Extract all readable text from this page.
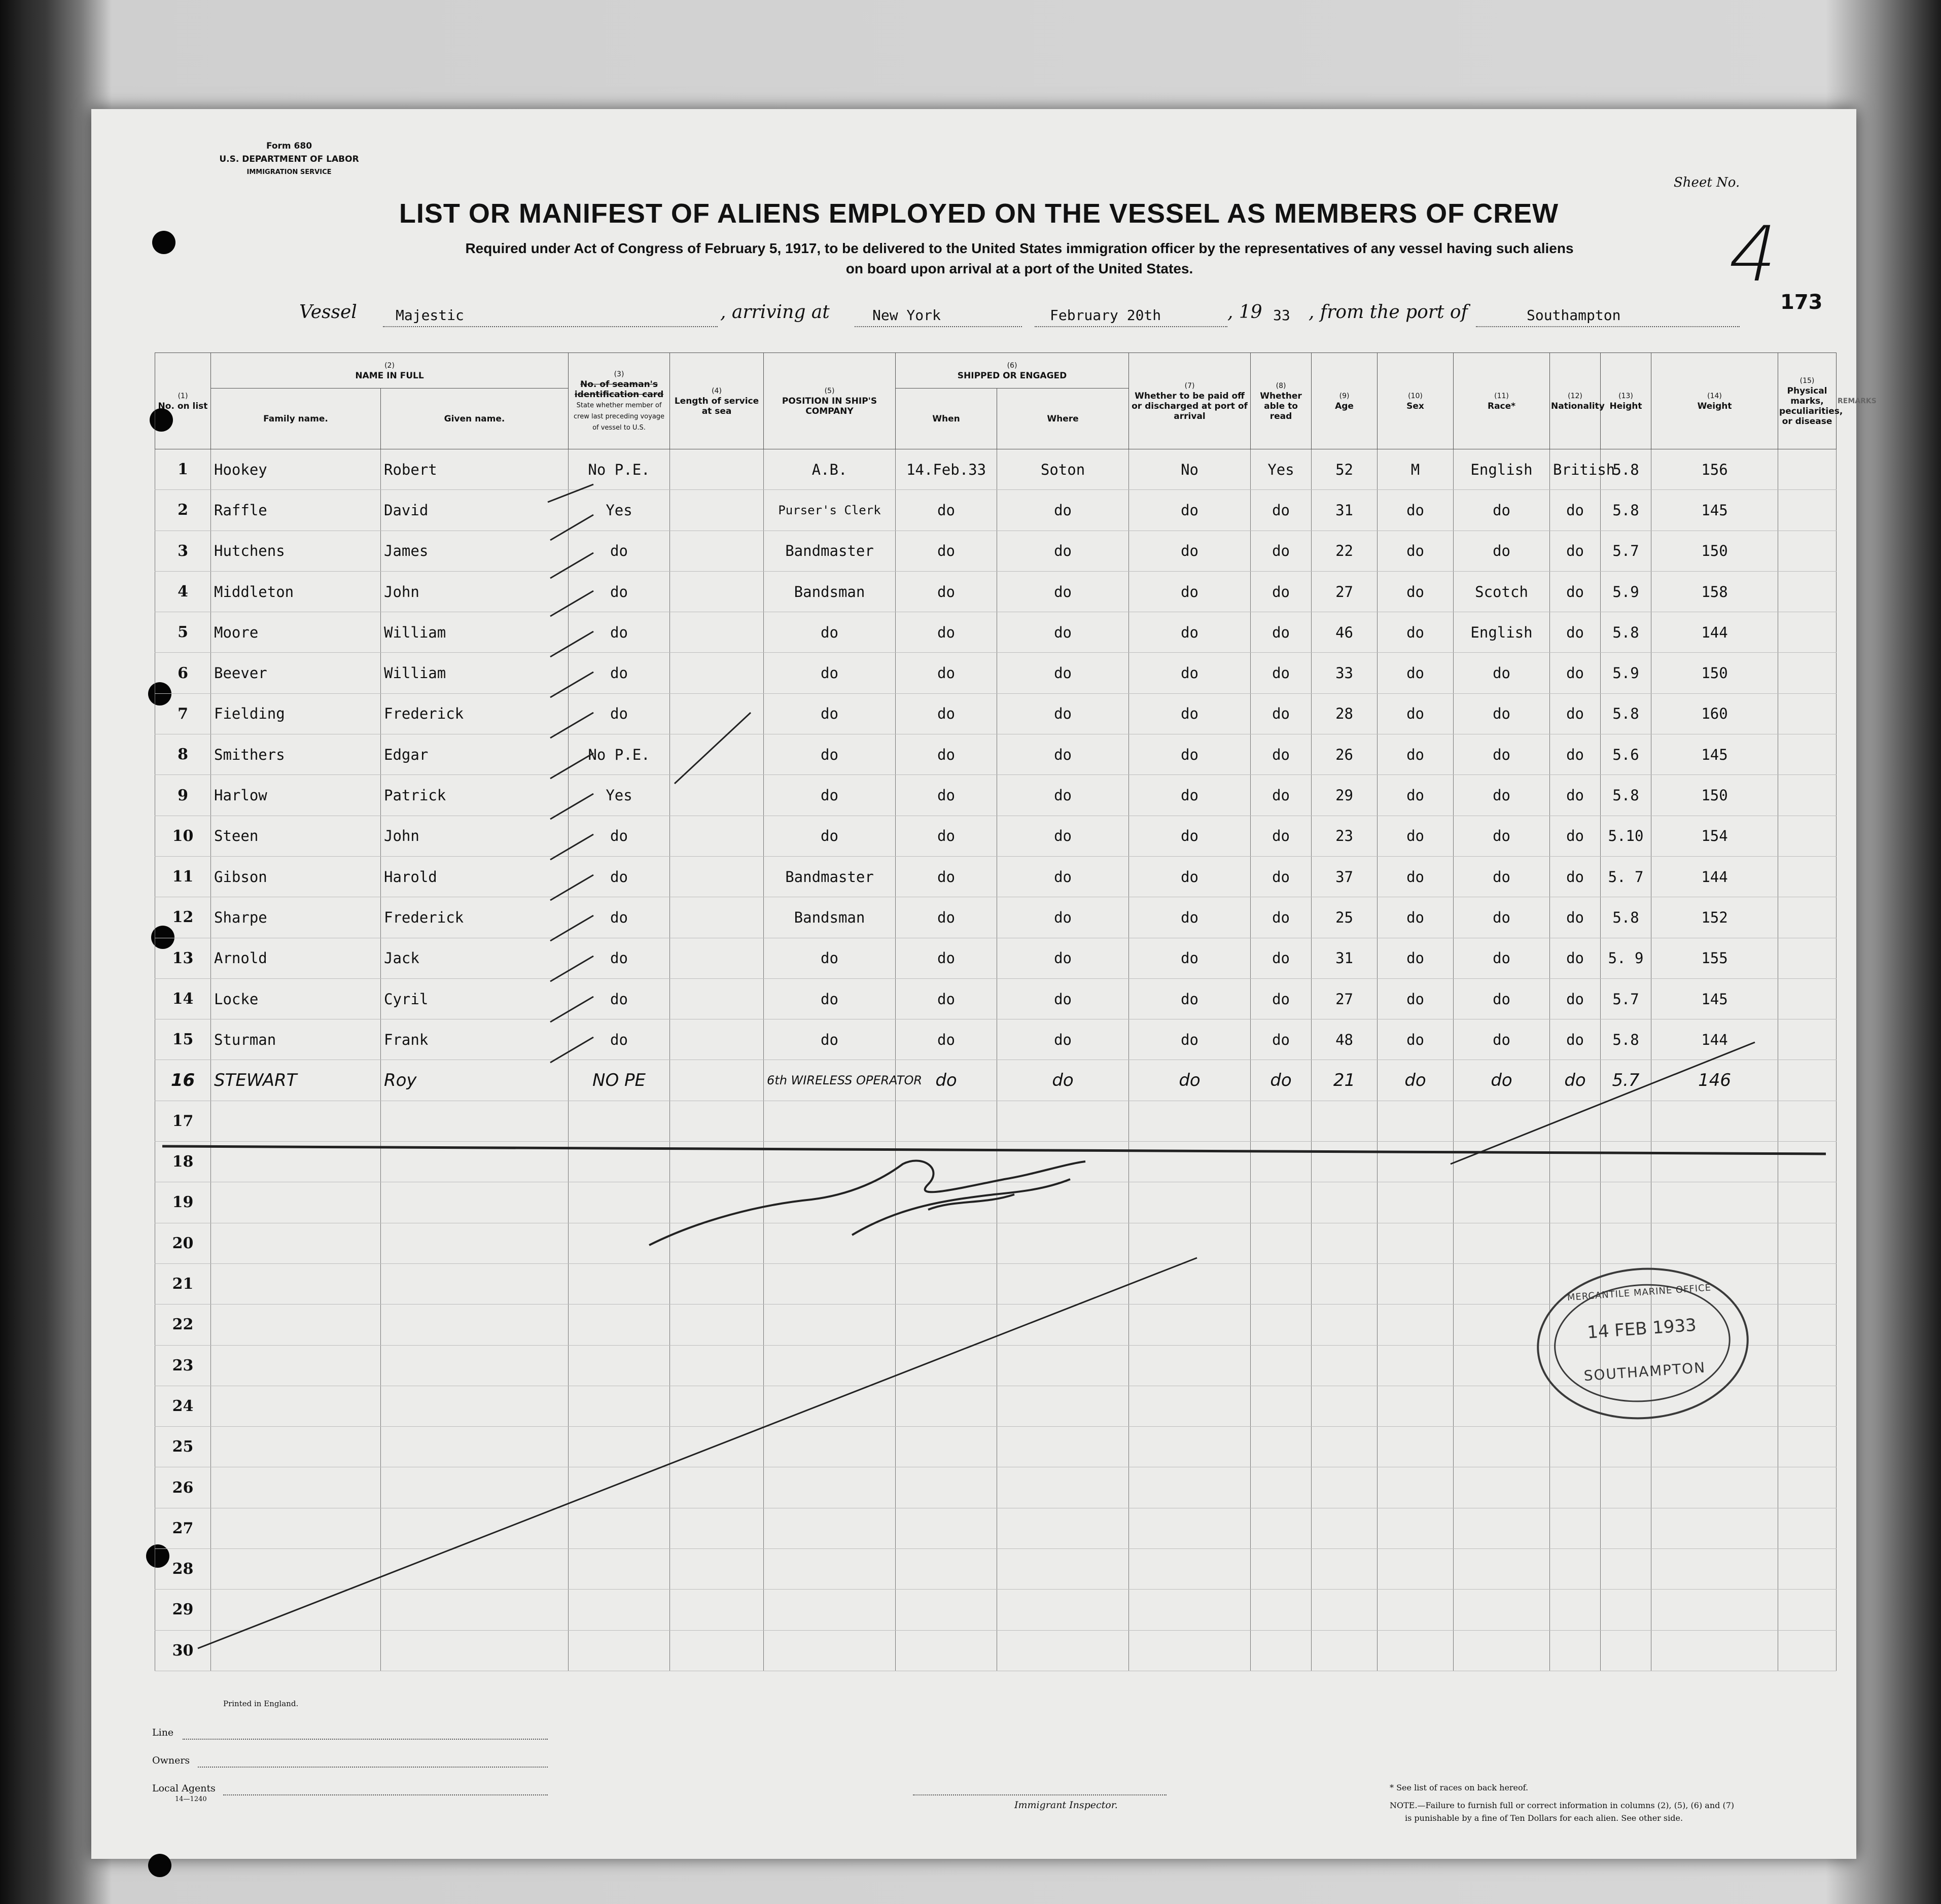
Form 680
U.S. DEPARTMENT OF LABOR
IMMIGRATION SERVICE
LIST OR MANIFEST OF ALIENS EMPLOYED ON THE VESSEL AS MEMBERS OF CREW
Required under Act of Congress of February 5, 1917, to be delivered to the United States immigration officer by the representatives of any vessel having such aliens
on board upon arrival at a port of the United States.
Sheet No.
4
173
Vessel	Majestic	, arriving at	New York	February 20th	, 19 33 , from the port of	Southampton
(1)
No. on list	(2)
NAME IN FULL		(3)
No. of seaman's identification card
State whether member of crew last preceding voyage of vessel to U.S.	(4)
Length of service at sea	(5)
POSITION IN SHIP'S COMPANY	(6)
SHIPPED OR ENGAGED		(7)
Whether to be paid off or discharged at port of arrival	(8)
Whether able to read	(9)
Age	(10)
Sex	(11)
Race*	(12)
Nationality	(13)
Height	(14)
Weight	(15)
Physical marks, peculiarities, or disease	REMARKS
	Family name.	Given name.				When	Where										

1	Hookey	Robert	No P.E.		A.B.	14.Feb.33	Soton	No	Yes	52	M	English	British	5.8	156		
2	Raffle	David	Yes		Purser's Clerk	do	do	do	do	31	do	do	do	5.8	145		
3	Hutchens	James	do		Bandmaster	do	do	do	do	22	do	do	do	5.7	150		
4	Middleton	John	do		Bandsman	do	do	do	do	27	do	Scotch	do	5.9	158		
5	Moore	William	do		do	do	do	do	do	46	do	English	do	5.8	144		
6	Beever	William	do		do	do	do	do	do	33	do	do	do	5.9	150		
7	Fielding	Frederick	do		do	do	do	do	do	28	do	do	do	5.8	160		
8	Smithers	Edgar	No P.E.		do	do	do	do	do	26	do	do	do	5.6	145		
9	Harlow	Patrick	Yes		do	do	do	do	do	29	do	do	do	5.8	150		
10	Steen	John	do		do	do	do	do	do	23	do	do	do	5.10	154		
11	Gibson	Harold	do		Bandmaster	do	do	do	do	37	do	do	do	5. 7	144		
12	Sharpe	Frederick	do		Bandsman	do	do	do	do	25	do	do	do	5.8	152		
13	Arnold	Jack	do		do	do	do	do	do	31	do	do	do	5. 9	155		
14	Locke	Cyril	do		do	do	do	do	do	27	do	do	do	5.7	145		
15	Sturman	Frank	do		do	do	do	do	do	48	do	do	do	5.8	144		
16	STEWART	Roy	NO PE		6th WIRELESS OPERATOR	do	do	do	do	21	do	do	do	5.7	146		
17																	
18																	
19																	
20																	
21																	
22																	
23																	
24																	
25																	
26																	
27																	
28																	
29																	
30																	
MERCANTILE MARINE OFFICE
14 FEB 1933
SOUTHAMPTON
Printed in England.
Line
Owners
Local Agents
14—1240
Immigrant Inspector.
* See list of races on back hereof.
NOTE.—Failure to furnish full or correct information in columns (2), (5), (6) and (7)
is punishable by a fine of Ten Dollars for each alien. See other side.
